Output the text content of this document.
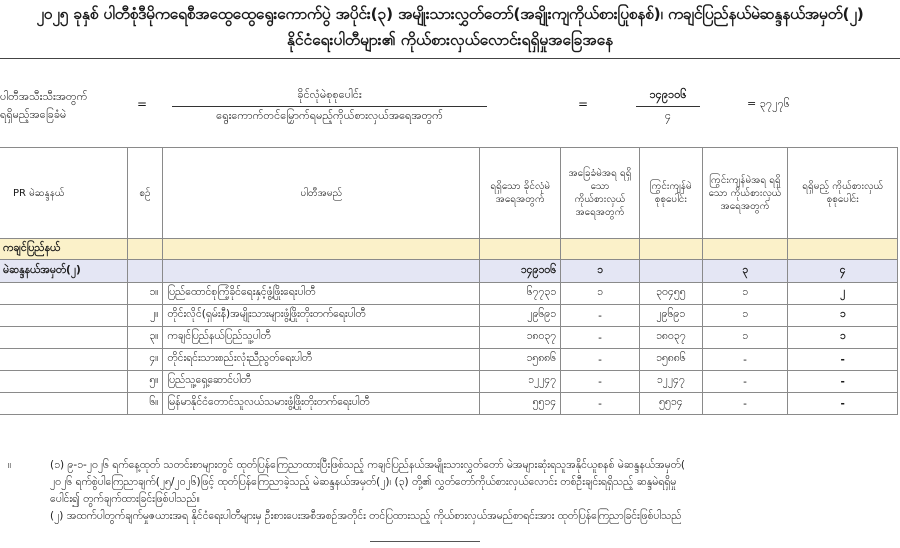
၂၀၂၅ ခုနှစ် ပါတီစုံဒီမိုကရေစီအထွေထွေရွေးကောက်ပွဲ အပိုင်း(၃) အမျိုးသားလွှတ်တော်(အချိုးကျကိုယ်စားပြုစနစ်)၊ ကချင်ပြည်နယ်မဲဆန္ဒနယ်အမှတ်(၂)
နိုင်ငံရေးပါတီများ၏ ကိုယ်စားလှယ်လောင်းရရှိမှုအခြေအနေ
ပါတီအသီးသီးအတွက်
ရရှိမည့်အခြေခံမဲ
=
ခိုင်လုံမဲစုစုပေါင်း
ရွေးကောက်တင်မြှောက်ရမည့်ကိုယ်စားလှယ်အရေအတွက်
=
၁၄၉၁၀၆
၄
= ၃၇၂၇၆
PR မဲဆန္ဒနယ်	စဉ်	ပါတီအမည်	ရရှိသော ခိုင်လုံမဲ အရေအတွက်	အခြေခံမဲအရ ရရှိသော ကိုယ်စားလှယ် အရေအတွက်	ကြွင်းကျန်မဲ စုစုပေါင်း	ကြွင်းကျန်မဲအရ ရရှိသော ကိုယ်စားလှယ် အရေအတွက်	ရရှိမည့် ကိုယ်စားလှယ် စုစုပေါင်း
ကချင်ပြည်နယ်							
မဲဆန္ဒနယ်အမှတ်(၂)			၁၄၉၁၀၆	၁		၃	၄
	၁။	ပြည်ထောင်စုကြံ့ခိုင်ရေးနှင့်ဖွံ့ဖြိုးရေးပါတီ	၆၇၇၃၁	၁	၃၀၄၅၅	၁	၂
	၂။	တိုင်းလိုင်(ရှမ်းနီ)အမျိုးသားများဖွံ့ဖြိုးတိုးတက်ရေးပါတီ	၂၉၆၉၁	-	၂၉၆၉၁	၁	၁
	၃။	ကချင်ပြည်နယ်ပြည်သူ့ပါတီ	၁၈၀၃၇	-	၁၈၀၃၇	၁	၁
	၄။	တိုင်းရင်းသားစည်းလုံးညီညွတ်ရေးပါတီ	၁၅၈၈၆	-	၁၅၈၈၆	-	-
	၅။	ပြည်သူ့ရှေ့ဆောင်ပါတီ	၁၂၂၄၇	-	၁၂၂၄၇	-	-
	၆။	မြန်မာနိုင်ငံတောင်သူလယ်သမားဖွံ့ဖြိုးတိုးတက်ရေးပါတီ	၅၅၁၄	-	၅၅၁၄	-	-
။	(၁) ၉-၁-၂၀၂၆ ရက်နေ့ထုတ် သတင်းစာများတွင် ထုတ်ပြန်ကြေညာထားပြီးဖြစ်သည့် ကချင်ပြည်နယ်အမျိုးသားလွှတ်တော် မဲအများဆုံးရသူအနိုင်ယူစနစ် မဲဆန္ဒနယ်အမှတ်(

၂၀၂၆ ရက်စွဲပါကြေညာချက်(၂၅/၂၀၂၆)ဖြင့် ထုတ်ပြန်ကြေညာခဲ့သည့် မဲဆန္ဒနယ်အမှတ်(၂)၊ (၃) တို့၏ လွှတ်တော်ကိုယ်စားလှယ်လောင်း တစ်ဦးချင်းရရှိသည့် ဆန္ဒမဲရရှိမှု

ပေါင်း၍ တွက်ချက်ထားခြင်းဖြစ်ပါသည်။

(၂) အထက်ပါတွက်ချက်မှုဇယားအရ နိုင်ငံရေးပါတီများမှ ဦးစားပေးအစီအစဉ်အတိုင်း တင်ပြထားသည့် ကိုယ်စားလှယ်အမည်စာရင်းအား ထုတ်ပြန်ကြေညာခြင်းဖြစ်ပါသည်
